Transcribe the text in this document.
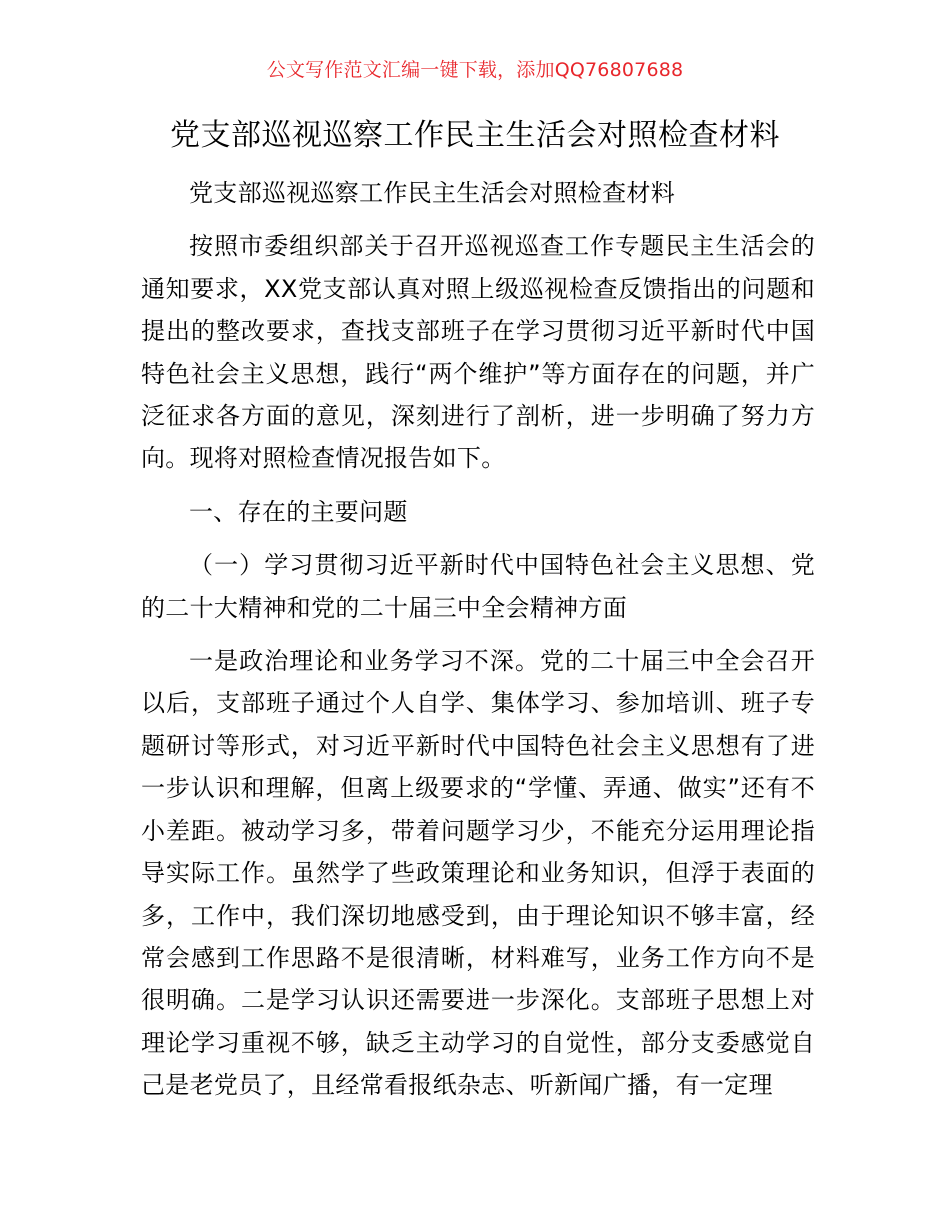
公文写作范文汇编一键下载，添加QQ76807688
党支部巡视巡察工作民主生活会对照检查材料

党支部巡视巡察工作民主生活会对照检查材料

按照市委组织部关于召开巡视巡查工作专题民主生活会的通知要求，XX党支部认真对照上级巡视检查反馈指出的问题和提出的整改要求，查找支部班子在学习贯彻习近平新时代中国特色社会主义思想，践行“两个维护”等方面存在的问题，并广泛征求各方面的意见，深刻进行了剖析，进一步明确了努力方向。现将对照检查情况报告如下。

一、存在的主要问题

（一）学习贯彻习近平新时代中国特色社会主义思想、党的二十大精神和党的二十届三中全会精神方面

一是政治理论和业务学习不深。党的二十届三中全会召开以后，支部班子通过个人自学、集体学习、参加培训、班子专题研讨等形式，对习近平新时代中国特色社会主义思想有了进一步认识和理解，但离上级要求的“学懂、弄通、做实”还有不小差距。被动学习多，带着问题学习少，不能充分运用理论指导实际工作。虽然学了些政策理论和业务知识，但浮于表面的多，工作中，我们深切地感受到，由于理论知识不够丰富，经常会感到工作思路不是很清晰，材料难写，业务工作方向不是很明确。二是学习认识还需要进一步深化。支部班子思想上对理论学习重视不够，缺乏主动学习的自觉性，部分支委感觉自己是老党员了，且经常看报纸杂志、听新闻广播，有一定理
